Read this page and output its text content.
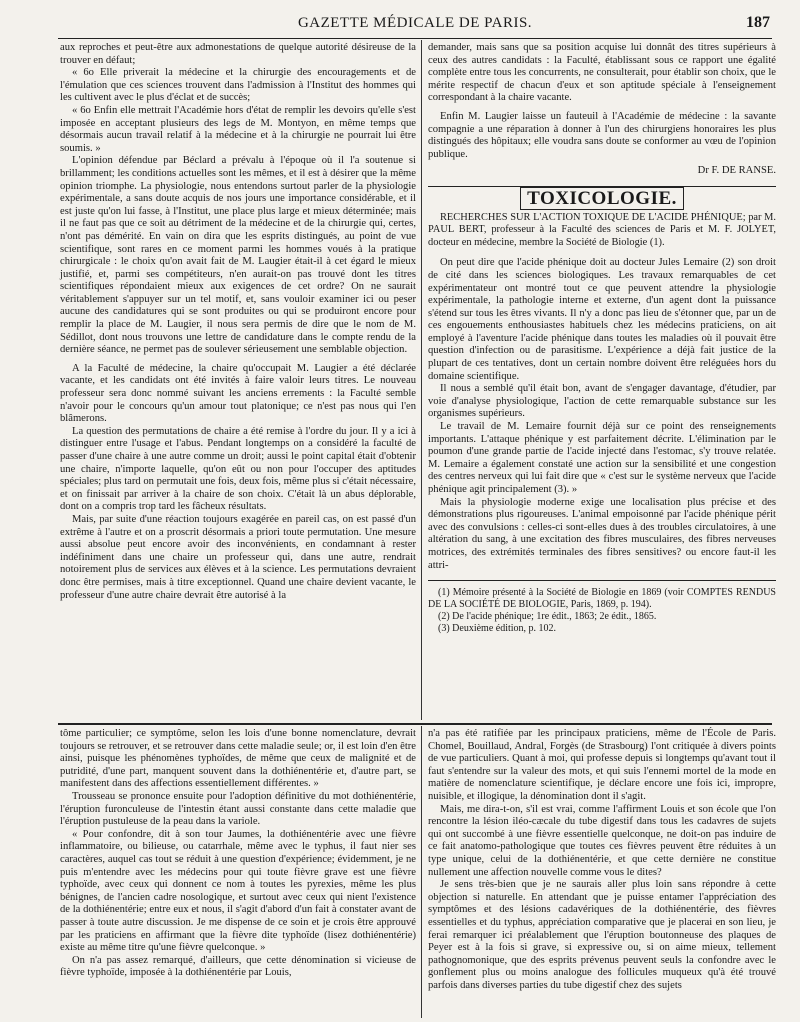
GAZETTE MÉDICALE DE PARIS.	187

aux reproches et peut-être aux admonestations de quelque autorité désireuse de la trouver en défaut;

« 6o Elle priverait la médecine et la chirurgie des encouragements et de l'émulation que ces sciences trouvent dans l'admission à l'Institut des hommes qui les cultivent avec le plus d'éclat et de succès;

« 6o Enfin elle mettrait l'Académie hors d'état de remplir les devoirs qu'elle s'est imposée en acceptant plusieurs des legs de M. Montyon, en même temps que désormais aucun travail relatif à la médecine et à la chirurgie ne pourrait lui être soumis. »

L'opinion défendue par Béclard a prévalu à l'époque où il l'a soutenue si brillamment; les conditions actuelles sont les mêmes, et il est à désirer que la même opinion triomphe. La physiologie, nous entendons surtout parler de la physiologie expérimentale, a sans doute acquis de nos jours une importance considérable, et il est juste qu'on lui fasse, à l'Institut, une place plus large et mieux déterminée; mais il ne faut pas que ce soit au détriment de la médecine et de la chirurgie qui, certes, n'ont pas démérité. En vain on dira que les esprits distingués, au point de vue scientifique, sont rares en ce moment parmi les hommes voués à la pratique chirurgicale : le choix qu'on avait fait de M. Laugier était-il à cet égard le mieux justifié, et, parmi ses compétiteurs, n'en aurait-on pas trouvé dont les titres scientifiques répondaient mieux aux exigences de cet ordre? On ne saurait véritablement s'appuyer sur un tel motif, et, sans vouloir examiner ici ou peser aucune des candidatures qui se sont produites ou qui se produiront encore pour remplir la place de M. Laugier, il nous sera permis de dire que le nom de M. Sédillot, dont nous trouvons une lettre de candidature dans le compte rendu de la dernière séance, ne permet pas de soulever sérieusement une semblable objection.

A la Faculté de médecine, la chaire qu'occupait M. Laugier a été déclarée vacante, et les candidats ont été invités à faire valoir leurs titres. Le nouveau professeur sera donc nommé suivant les anciens errements : la Faculté semble n'avoir pour le concours qu'un amour tout platonique; ce n'est pas nous qui l'en blâmerons.

La question des permutations de chaire a été remise à l'ordre du jour. Il y a ici à distinguer entre l'usage et l'abus. Pendant longtemps on a considéré la faculté de passer d'une chaire à une autre comme un droit; aussi le point capital était d'obtenir une chaire, n'importe laquelle, qu'on eût ou non pour l'occuper des aptitudes spéciales; plus tard on permutait une fois, deux fois, même plus si c'était nécessaire, et on finissait par arriver à la chaire de son choix. C'était là un abus déplorable, dont on a compris trop tard les fâcheux résultats.

Mais, par suite d'une réaction toujours exagérée en pareil cas, on est passé d'un extrême à l'autre et on a proscrit désormais a priori toute permutation. Une mesure aussi absolue peut encore avoir des inconvénients, en condamnant à rester indéfiniment dans une chaire un professeur qui, dans une autre, rendrait notoirement plus de services aux élèves et à la science. Les permutations devraient donc être permises, mais à titre exceptionnel. Quand une chaire devient vacante, le professeur d'une autre chaire devrait être autorisé à la

demander, mais sans que sa position acquise lui donnât des titres supérieurs à ceux des autres candidats : la Faculté, établissant sous ce rapport une égalité complète entre tous les concurrents, ne consulterait, pour établir son choix, que le mérite respectif de chacun d'eux et son aptitude spéciale à l'enseignement correspondant à la chaire vacante.

Enfin M. Laugier laisse un fauteuil à l'Académie de médecine : la savante compagnie a une réparation à donner à l'un des chirurgiens honoraires les plus distingués des hôpitaux; elle voudra sans doute se conformer au vœu de l'opinion publique.

Dr F. DE RANSE.
TOXICOLOGIE.
RECHERCHES SUR L'ACTION TOXIQUE DE L'ACIDE PHÉNIQUE; par M. PAUL BERT, professeur à la Faculté des sciences de Paris et M. F. JOLYET, docteur en médecine, membre la Société de Biologie (1).

On peut dire que l'acide phénique doit au docteur Jules Lemaire (2) son droit de cité dans les sciences biologiques. Les travaux remarquables de cet expérimentateur ont montré tout ce que peuvent attendre la physiologie expérimentale, la pathologie interne et externe, d'un agent dont la puissance s'étend sur tous les êtres vivants. Il n'y a donc pas lieu de s'étonner que, par un de ces engouements enthousiastes habituels chez les médecins praticiens, on ait employé à l'aventure l'acide phénique dans toutes les maladies où il pouvait être question d'infection ou de parasitisme. L'expérience a déjà fait justice de la plupart de ces tentatives, dont un certain nombre doivent être reléguées hors du domaine scientifique.

Il nous a semblé qu'il était bon, avant de s'engager davantage, d'étudier, par voie d'analyse physiologique, l'action de cette remarquable substance sur les organismes supérieurs.

Le travail de M. Lemaire fournit déjà sur ce point des renseignements importants. L'attaque phénique y est parfaitement décrite. L'élimination par le poumon d'une grande partie de l'acide injecté dans l'estomac, s'y trouve relatée. M. Lemaire a également constaté une action sur la sensibilité et une congestion des centres nerveux qui lui fait dire que « c'est sur le système nerveux que l'acide phénique agit principalement (3). »

Mais la physiologie moderne exige une localisation plus précise et des démonstrations plus rigoureuses. L'animal empoisonné par l'acide phénique périt avec des convulsions : celles-ci sont-elles dues à des troubles circulatoires, à une altération du sang, à une excitation des fibres musculaires, des fibres nerveuses motrices, des extrémités terminales des fibres sensitives? ou encore faut-il les attri-

(1) Mémoire présenté à la Société de Biologie en 1869 (voir COMPTES RENDUS DE LA SOCIÉTÉ DE BIOLOGIE, Paris, 1869, p. 194).
(2) De l'acide phénique; 1re édit., 1863; 2e édit., 1865.
(3) Deuxième édition, p. 102.

tôme particulier; ce symptôme, selon les lois d'une bonne nomenclature, devrait toujours se retrouver, et se retrouver dans cette maladie seule; or, il est loin d'en être ainsi, puisque les phénomènes typhoïdes, de même que ceux de malignité et de putridité, d'une part, manquent souvent dans la dothiénentérie et, d'autre part, se manifestent dans des affections essentiellement différentes. »

Trousseau se prononce ensuite pour l'adoption définitive du mot dothiénentérie, l'éruption furonculeuse de l'intestin étant aussi constante dans cette maladie que l'éruption pustuleuse de la peau dans la variole.

« Pour confondre, dit à son tour Jaumes, la dothiénentérie avec une fièvre inflammatoire, ou bilieuse, ou catarrhale, même avec le typhus, il faut nier ses caractères, auquel cas tout se réduit à une question d'expérience; évidemment, je ne puis m'entendre avec les médecins pour qui toute fièvre grave est une fièvre typhoïde, avec ceux qui donnent ce nom à toutes les pyrexies, même les plus bénignes, de l'ancien cadre nosologique, et surtout avec ceux qui nient l'existence de la dothiénentérie; entre eux et nous, il s'agit d'abord d'un fait à constater avant de passer à toute autre discussion. Je me dispense de ce soin et je crois être approuvé par les praticiens en affirmant que la fièvre dite typhoïde (lisez dothiénentérie) existe au même titre qu'une fièvre quelconque. »

On n'a pas assez remarqué, d'ailleurs, que cette dénomination si vicieuse de fièvre typhoïde, imposée à la dothiénentérie par Louis,

n'a pas été ratifiée par les principaux praticiens, même de l'École de Paris. Chomel, Bouillaud, Andral, Forgès (de Strasbourg) l'ont critiquée à divers points de vue particuliers. Quant à moi, qui professe depuis si longtemps qu'avant tout il faut s'entendre sur la valeur des mots, et qui suis l'ennemi mortel de la mode en matière de nomenclature scientifique, je déclare encore une fois ici, impropre, nuisible, et illogique, la dénomination dont il s'agit.

Mais, me dira-t-on, s'il est vrai, comme l'affirment Louis et son école que l'on rencontre la lésion iléo-cæcale du tube digestif dans tous les cadavres de sujets qui ont succombé à une fièvre essentielle quelconque, ne doit-on pas induire de ce fait anatomo-pathologique que toutes ces fièvres peuvent être réduites à un type unique, celui de la dothiénentérie, et que cette dernière ne constitue nullement une affection nouvelle comme vous le dites?

Je sens très-bien que je ne saurais aller plus loin sans répondre à cette objection si naturelle. En attendant que je puisse entamer l'appréciation des symptômes et des lésions cadavériques de la dothiénentérie, des fièvres essentielles et du typhus, appréciation comparative que je placerai en son lieu, je ferai remarquer ici préalablement que l'éruption boutonneuse des plaques de Peyer est à la fois si grave, si expressive ou, si on aime mieux, tellement pathognomonique, que des esprits prévenus peuvent seuls la confondre avec le gonflement plus ou moins analogue des follicules muqueux qu'à été trouvé parfois dans diverses parties du tube digestif chez des sujets
